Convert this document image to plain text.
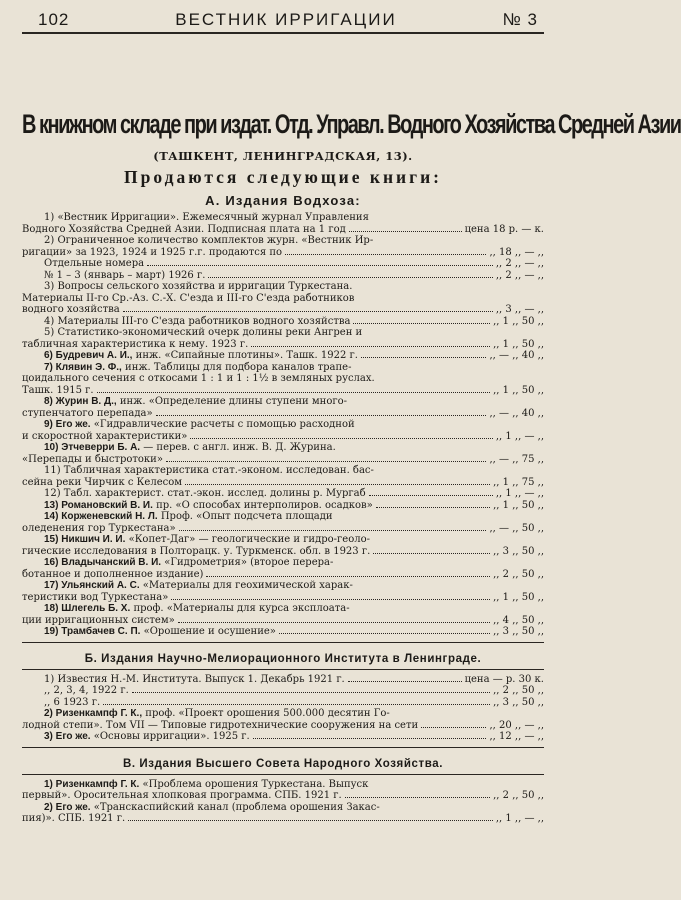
102	ВЕСТНИК ИРРИГАЦИИ	№ 3
В книжном складе при издат. Отд. Управл. Водного Хозяйства Средней Азии
(ТАШКЕНТ, ЛЕНИНГРАДСКАЯ, 13).
Продаются следующие книги:
А. Издания Водхоза:
1) «Вестник Ирригации». Ежемесячный журнал Управления
Водного Хозяйства Средней Азии. Подписная плата на 1 год	цена 18 р. — к.
2) Ограниченное количество комплектов журн. «Вестник Ир-
ригации» за 1923, 1924 и 1925 г.г. продаются по	,, 18 ,, — ,,
Отдельные номера	,, 2 ,, — ,,
№ 1 – 3 (январь – март) 1926 г.	,, 2 ,, — ,,
3) Вопросы сельского хозяйства и ирригации Туркестана.
Материалы II-го Ср.-Аз. С.-Х. С'езда и III-го С'езда работников
водного хозяйства	,, 3 ,, — ,,
4) Материалы III-го С'езда работников водного хозяйства	,, 1 ,, 50 ,,
5) Статистико-экономический очерк долины реки Ангрен и
табличная характеристика к нему. 1923 г.	,, 1 ,, 50 ,,
6) Будревич А. И., инж. «Сипайные плотины». Ташк. 1922 г.	,, — ,, 40 ,,
7) Клявин Э. Ф., инж. Таблицы для подбора каналов трапе-
цоидального сечения с откосами 1 : 1 и 1 : 1½ в земляных руслах.
Ташк. 1915 г.	,, 1 ,, 50 ,,
8) Журин В. Д., инж. «Определение длины ступени много-
ступенчатого перепада»	,, — ,, 40 ,,
9) Его же. «Гидравлические расчеты с помощью расходной
и скоростной характеристики»	,, 1 ,, — ,,
10) Этчеверри Б. А. — перев. с англ. инж. В. Д. Журина.
«Перепады и быстротоки»	,, — ,, 75 ,,
11) Табличная характеристика стат.-эконом. исследован. бас-
сейна реки Чирчик с Келесом	,, 1 ,, 75 ,,
12) Табл. характерист. стат.-экон. исслед. долины р. Мургаб	,, 1 ,, — ,,
13) Романовский В. И. пр. «О способах интерполиров. осадков»	,, 1 ,, 50 ,,
14) Корженевский Н. Л. Проф. «Опыт подсчета площади
оледенения гор Туркестана»	,, — ,, 50 ,,
15) Никшич И. И. «Копет-Даг» — геологические и гидро-геоло-
гические исследования в Полторацк. у. Туркменск. обл. в 1923 г.	,, 3 ,, 50 ,,
16) Владычанский В. И. «Гидрометрия» (второе перера-
ботанное и дополненное издание)	,, 2 ,, 50 ,,
17) Ульянский А. С. «Материалы для геохимической харак-
теристики вод Туркестана»	,, 1 ,, 50 ,,
18) Шлегель Б. Х. проф. «Материалы для курса эксплоата-
ции ирригационных систем»	,, 4 ,, 50 ,,
19) Трамбачев С. П. «Орошение и осушение»	,, 3 ,, 50 ,,
Б. Издания Научно-Мелиорационного Института в Ленинграде.
1) Известия Н.-М. Института. Выпуск 1. Декабрь 1921 г.	цена — р. 30 к.
,, 2, 3, 4, 1922 г.	,, 2 ,, 50 ,,
,, 6 1923 г.	,, 3 ,, 50 ,,
2) Ризенкампф Г. К., проф. «Проект орошения 500.000 десятин Го-
лодной степи». Том VII — Типовые гидротехнические сооружения на сети	,, 20 ,, — ,,
3) Его же. «Основы ирригации». 1925 г.	,, 12 ,, — ,,
В. Издания Высшего Совета Народного Хозяйства.
1) Ризенкампф Г. К. «Проблема орошения Туркестана. Выпуск
первый». Оросительная хлопковая программа. СПБ. 1921 г.	,, 2 ,, 50 ,,
2) Его же. «Транскаспийский канал (проблема орошения Закас-
пия)». СПБ. 1921 г.	,, 1 ,, — ,,
